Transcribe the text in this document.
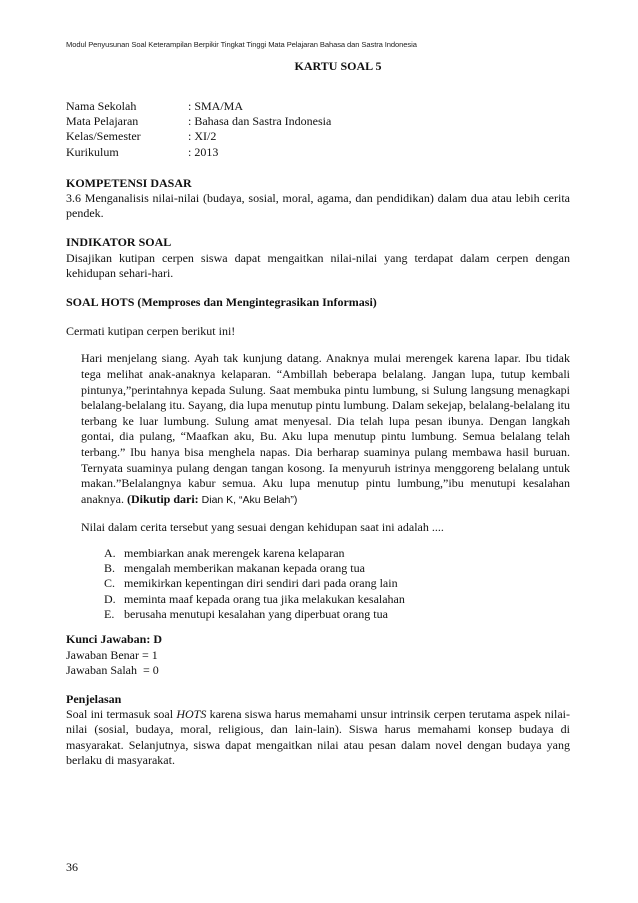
Modul Penyusunan Soal Keterampilan Berpikir Tingkat Tinggi Mata Pelajaran Bahasa dan Sastra Indonesia
KARTU SOAL 5
Nama Sekolah	: SMA/MA
Mata Pelajaran	: Bahasa dan Sastra Indonesia
Kelas/Semester	: XI/2
Kurikulum	: 2013
KOMPETENSI DASAR
3.6 Menganalisis nilai-nilai (budaya, sosial, moral, agama, dan pendidikan) dalam dua atau lebih cerita pendek.
INDIKATOR SOAL
Disajikan kutipan cerpen siswa dapat mengaitkan nilai-nilai yang terdapat dalam cerpen dengan kehidupan sehari-hari.
SOAL HOTS (Memproses dan Mengintegrasikan Informasi)
Cermati kutipan cerpen berikut ini!
Hari menjelang siang. Ayah tak kunjung datang. Anaknya mulai merengek karena lapar. Ibu tidak tega melihat anak-anaknya kelaparan. “Ambillah beberapa belalang. Jangan lupa, tutup kembali pintunya,”perintahnya kepada Sulung. Saat membuka pintu lumbung, si Sulung langsung menagkapi belalang-belalang itu. Sayang, dia lupa menutup pintu lumbung. Dalam sekejap, belalang-belalang itu terbang ke luar lumbung. Sulung amat menyesal. Dia telah lupa pesan ibunya. Dengan langkah gontai, dia pulang, “Maafkan aku, Bu. Aku lupa menutup pintu lumbung. Semua belalang telah terbang.” Ibu hanya bisa menghela napas. Dia berharap suaminya pulang membawa hasil buruan. Ternyata suaminya pulang dengan tangan kosong. Ia menyuruh istrinya menggoreng belalang untuk makan.”Belalangnya kabur semua. Aku lupa menutup pintu lumbung,”ibu menutupi kesalahan anaknya. (Dikutip dari: Dian K, “Aku Belah”)
Nilai dalam cerita tersebut yang sesuai dengan kehidupan saat ini adalah ....
A. membiarkan anak merengek karena kelaparan
B. mengalah memberikan makanan kepada orang tua
C. memikirkan kepentingan diri sendiri dari pada orang lain
D. meminta maaf kepada orang tua jika melakukan kesalahan
E. berusaha menutupi kesalahan yang diperbuat orang tua
Kunci Jawaban: D
Jawaban Benar = 1
Jawaban Salah  = 0
Penjelasan
Soal ini termasuk soal HOTS karena siswa harus memahami unsur intrinsik cerpen terutama aspek nilai-nilai (sosial, budaya, moral, religious, dan lain-lain). Siswa harus memahami konsep budaya di masyarakat. Selanjutnya, siswa dapat mengaitkan nilai atau pesan dalam novel dengan budaya yang berlaku di masyarakat.
36
